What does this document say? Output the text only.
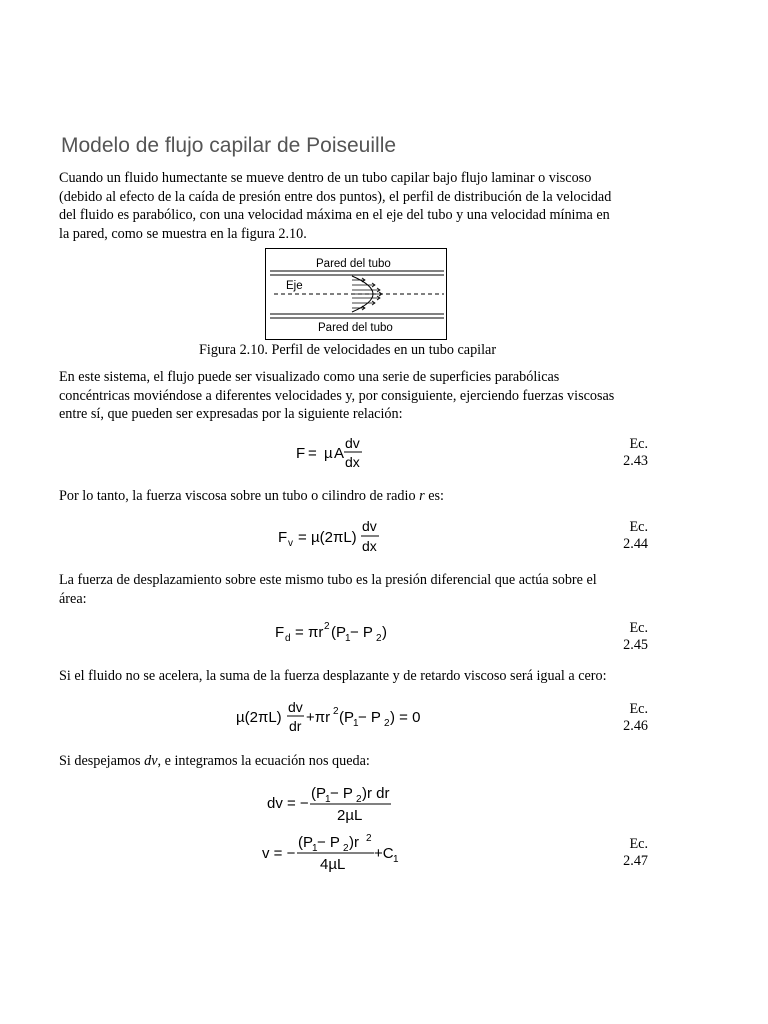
Modelo de flujo capilar de Poiseuille

Cuando un fluido humectante se mueve dentro de un tubo capilar bajo flujo laminar o viscoso
(debido al efecto de la caída de presión entre dos puntos), el perfil de distribución de la velocidad
del fluido es parabólico, con una velocidad máxima en el eje del tubo y una velocidad mínima en
la pared, como se muestra en la figura 2.10.

Pared del tubo
Eje
Pared del tubo
Figura 2.10. Perfil de velocidades en un tubo capilar

En este sistema, el flujo puede ser visualizado como una serie de superficies parabólicas
concéntricas moviéndose a diferentes velocidades y, por consiguiente, ejerciendo fuerzas viscosas
entre sí, que pueden ser expresadas por la siguiente relación:

F = µ A
dv
dx
Ec.
2.43

Por lo tanto, la fuerza viscosa sobre un tubo o cilindro de radio r es:

F v = µ(2πL)
dv
dx
Ec.
2.44

La fuerza de desplazamiento sobre este mismo tubo es la presión diferencial que actúa sobre el
área:

F d = πr 2 (P 1 − P 2 )	Ec.
2.45

Si el fluido no se acelera, la suma de la fuerza desplazante y de retardo viscoso será igual a cero:

µ(2πL)
dv
dr +πr 2 (P 1 − P 2 ) = 0	Ec.
2.46

Si despejamos dv, e integramos la ecuación nos queda:

dv = −
(P 1 − P 2 )r dr
2µL
v = −
(P 1 − P 2 )r 2
4µL
+C 1
Ec.
2.47
